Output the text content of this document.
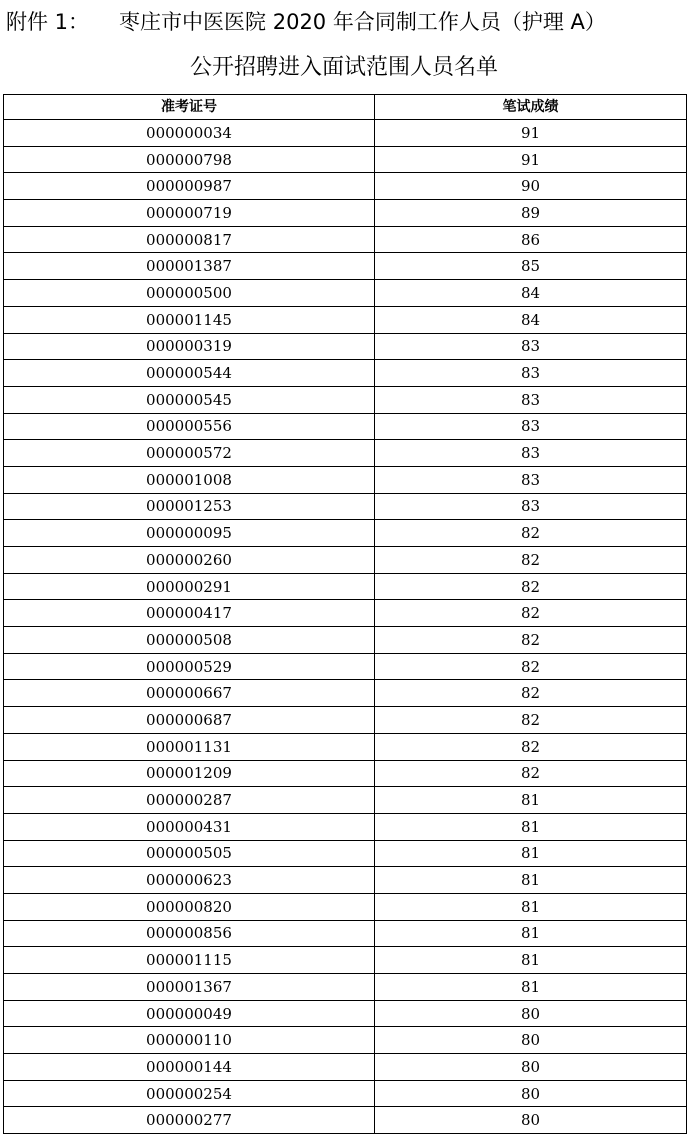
附件 1： 枣庄市中医医院 2020 年合同制工作人员（护理 A）
公开招聘进入面试范围人员名单
准考证号	笔试成绩
000000034	91
000000798	91
000000987	90
000000719	89
000000817	86
000001387	85
000000500	84
000001145	84
000000319	83
000000544	83
000000545	83
000000556	83
000000572	83
000001008	83
000001253	83
000000095	82
000000260	82
000000291	82
000000417	82
000000508	82
000000529	82
000000667	82
000000687	82
000001131	82
000001209	82
000000287	81
000000431	81
000000505	81
000000623	81
000000820	81
000000856	81
000001115	81
000001367	81
000000049	80
000000110	80
000000144	80
000000254	80
000000277	80
